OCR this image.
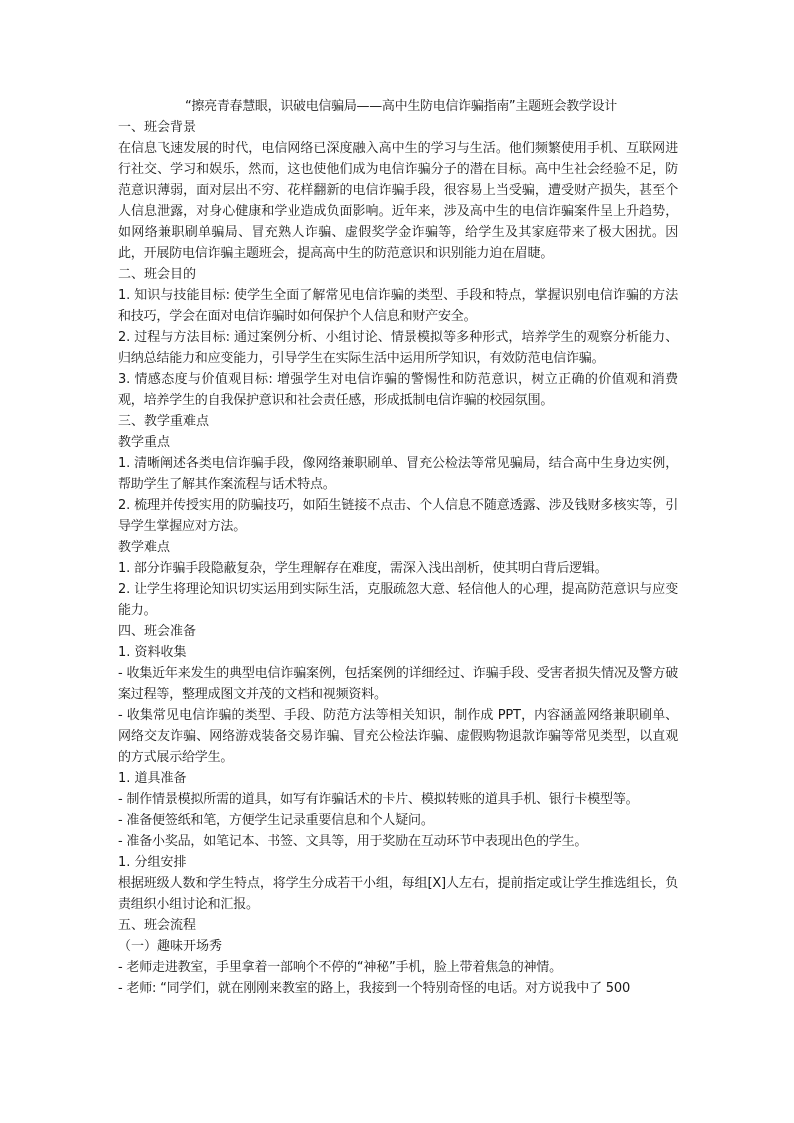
“擦亮青春慧眼，识破电信骗局——高中生防电信诈骗指南”主题班会教学设计
一、班会背景
在信息飞速发展的时代，电信网络已深度融入高中生的学习与生活。他们频繁使用手机、互联网进行社交、学习和娱乐，然而，这也使他们成为电信诈骗分子的潜在目标。高中生社会经验不足，防范意识薄弱，面对层出不穷、花样翻新的电信诈骗手段，很容易上当受骗，遭受财产损失，甚至个人信息泄露，对身心健康和学业造成负面影响。近年来，涉及高中生的电信诈骗案件呈上升趋势，如网络兼职刷单骗局、冒充熟人诈骗、虚假奖学金诈骗等，给学生及其家庭带来了极大困扰。因此，开展防电信诈骗主题班会，提高高中生的防范意识和识别能力迫在眉睫。
二、班会目的
1. 知识与技能目标: 使学生全面了解常见电信诈骗的类型、手段和特点，掌握识别电信诈骗的方法和技巧，学会在面对电信诈骗时如何保护个人信息和财产安全。
2. 过程与方法目标: 通过案例分析、小组讨论、情景模拟等多种形式，培养学生的观察分析能力、归纳总结能力和应变能力，引导学生在实际生活中运用所学知识，有效防范电信诈骗。
3. 情感态度与价值观目标: 增强学生对电信诈骗的警惕性和防范意识，树立正确的价值观和消费观，培养学生的自我保护意识和社会责任感，形成抵制电信诈骗的校园氛围。
三、教学重难点
教学重点
1. 清晰阐述各类电信诈骗手段，像网络兼职刷单、冒充公检法等常见骗局，结合高中生身边实例，帮助学生了解其作案流程与话术特点。
2. 梳理并传授实用的防骗技巧，如陌生链接不点击、个人信息不随意透露、涉及钱财多核实等，引导学生掌握应对方法。
教学难点
1. 部分诈骗手段隐蔽复杂，学生理解存在难度，需深入浅出剖析，使其明白背后逻辑。
2. 让学生将理论知识切实运用到实际生活，克服疏忽大意、轻信他人的心理，提高防范意识与应变能力。
四、班会准备
1. 资料收集
- 收集近年来发生的典型电信诈骗案例，包括案例的详细经过、诈骗手段、受害者损失情况及警方破案过程等，整理成图文并茂的文档和视频资料。
- 收集常见电信诈骗的类型、手段、防范方法等相关知识，制作成 PPT，内容涵盖网络兼职刷单、网络交友诈骗、网络游戏装备交易诈骗、冒充公检法诈骗、虚假购物退款诈骗等常见类型，以直观的方式展示给学生。
1. 道具准备
- 制作情景模拟所需的道具，如写有诈骗话术的卡片、模拟转账的道具手机、银行卡模型等。
- 准备便签纸和笔，方便学生记录重要信息和个人疑问。
- 准备小奖品，如笔记本、书签、文具等，用于奖励在互动环节中表现出色的学生。
1. 分组安排
根据班级人数和学生特点，将学生分成若干小组，每组[X]人左右，提前指定或让学生推选组长，负责组织小组讨论和汇报。
五、班会流程
（一）趣味开场秀
- 老师走进教室，手里拿着一部响个不停的“神秘”手机，脸上带着焦急的神情。
- 老师: “同学们，就在刚刚来教室的路上，我接到一个特别奇怪的电话。对方说我中了 500
